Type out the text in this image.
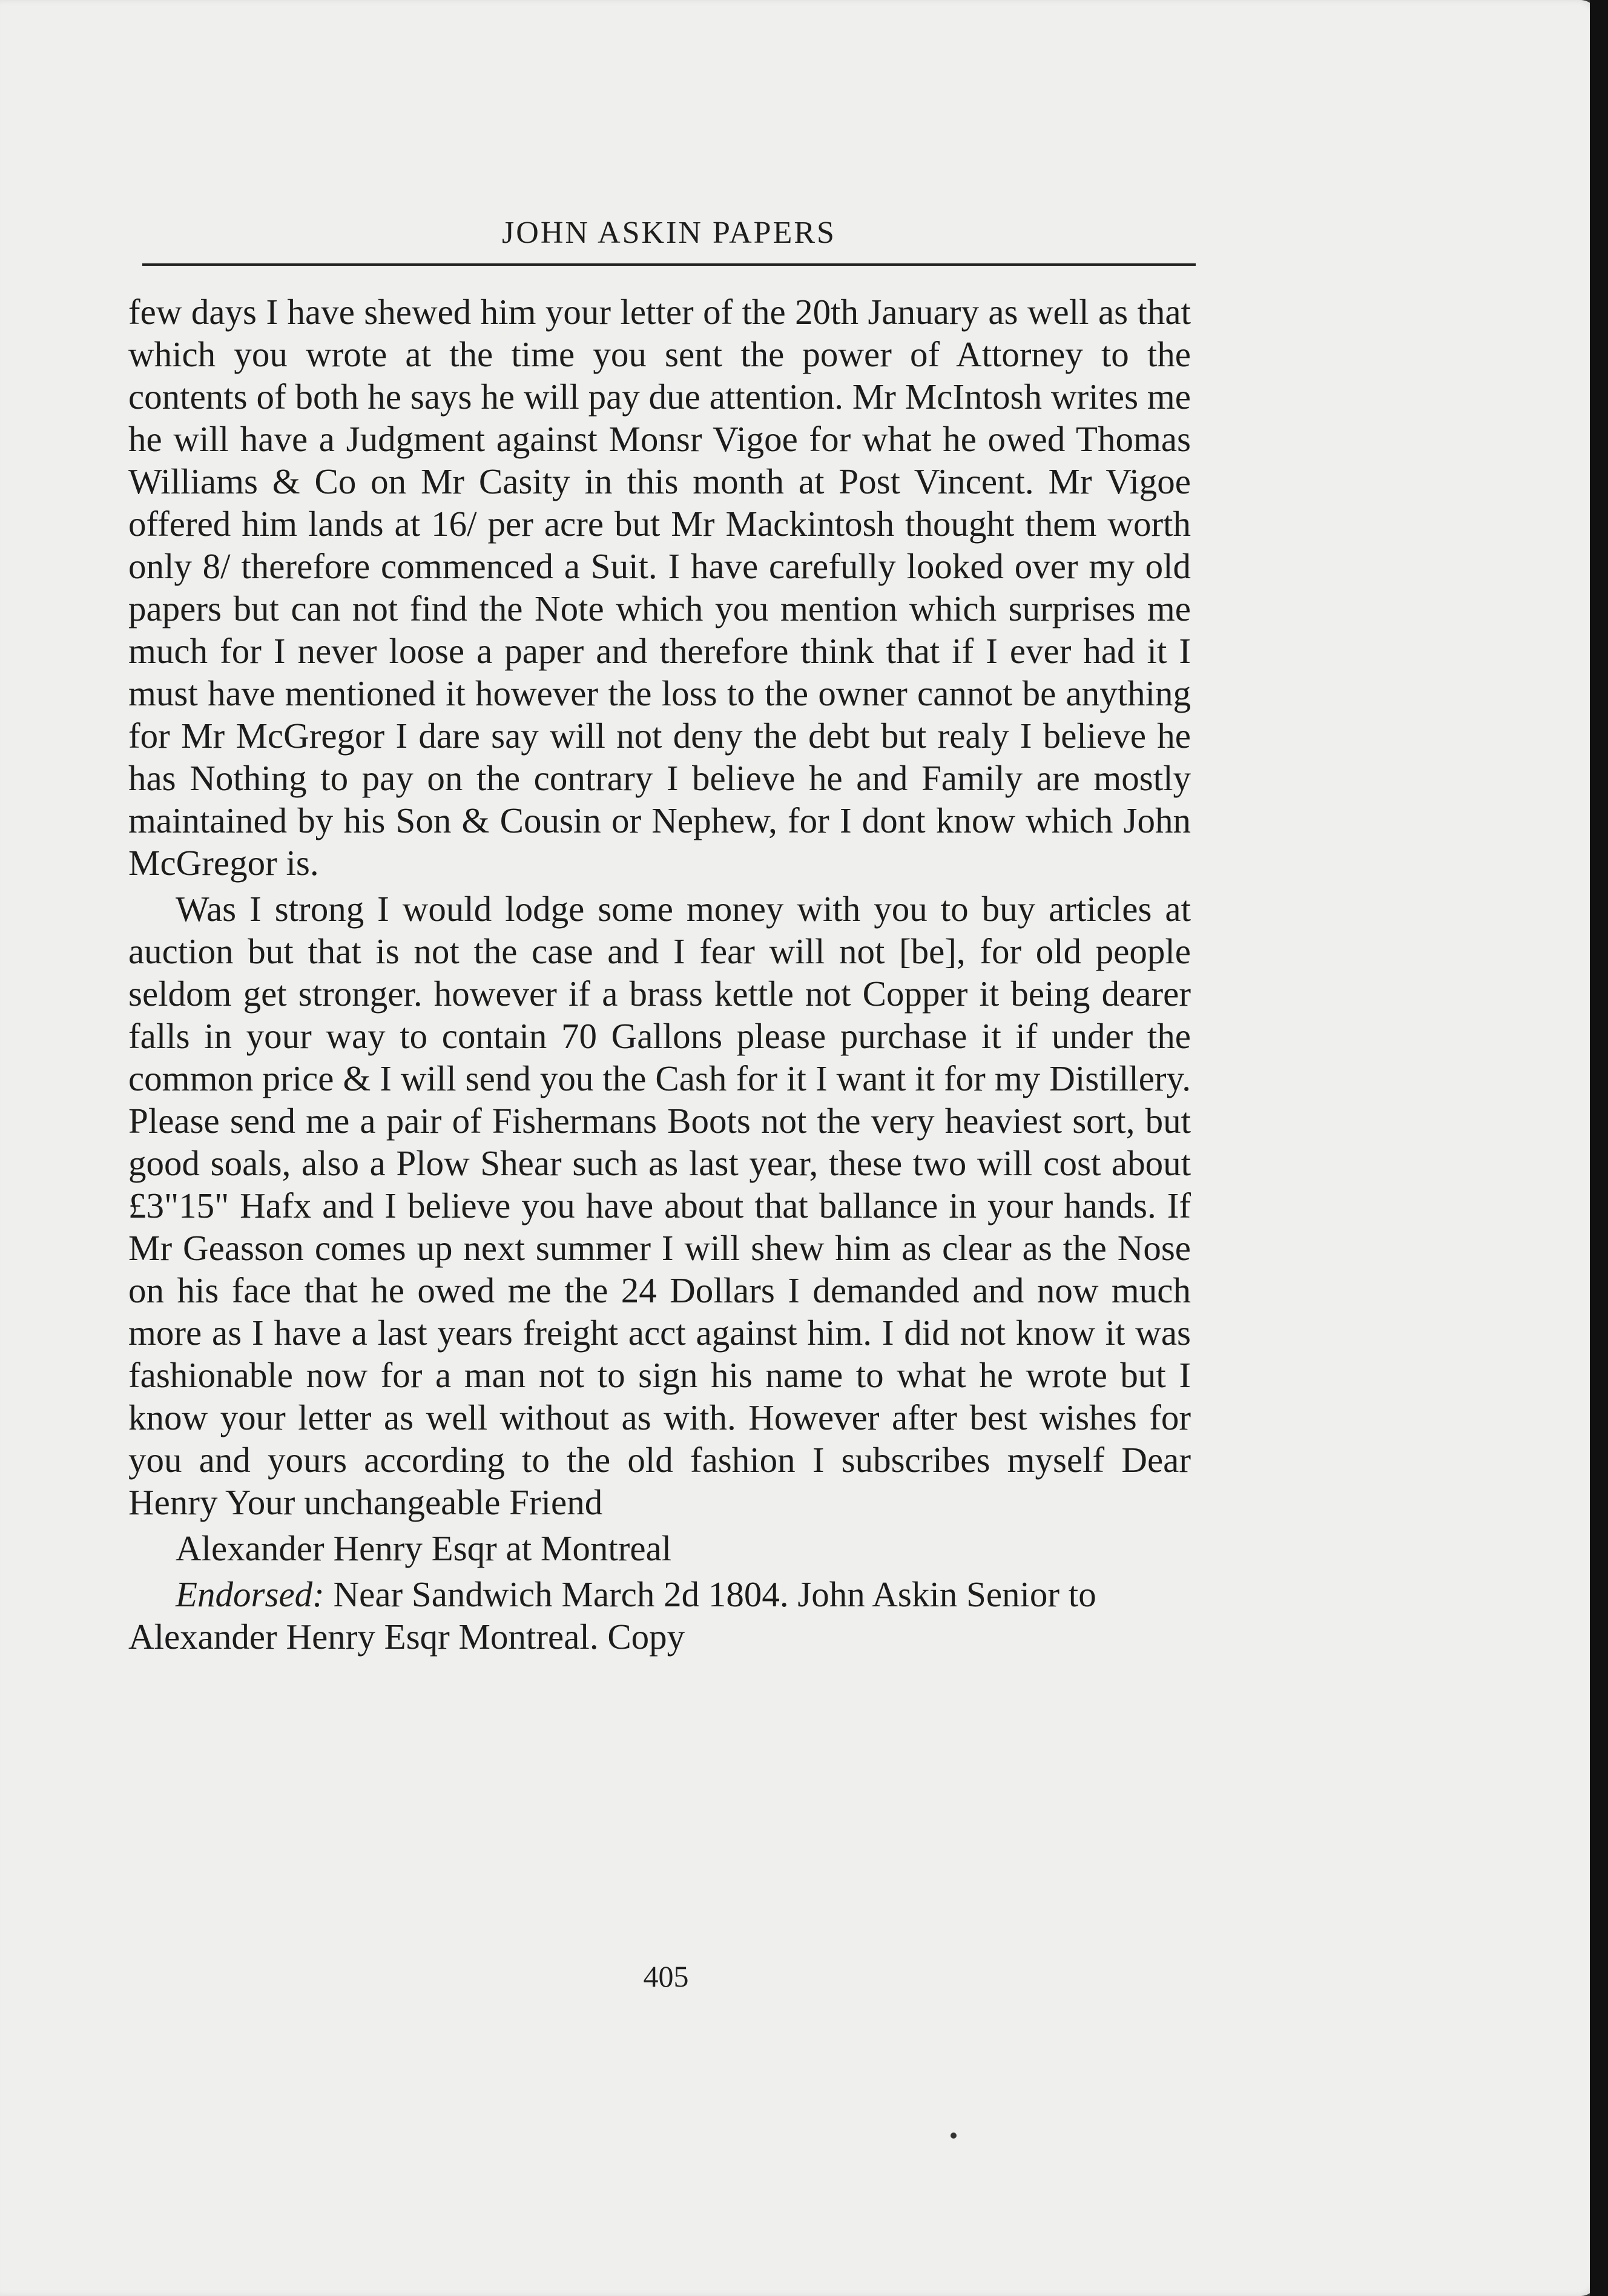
JOHN ASKIN PAPERS

few days I have shewed him your letter of the 20th January as well as that which you wrote at the time you sent the power of Attorney to the contents of both he says he will pay due attention. Mr McIntosh writes me he will have a Judgment against Monsr Vigoe for what he owed Thomas Williams & Co on Mr Casity in this month at Post Vincent. Mr Vigoe offered him lands at 16/ per acre but Mr Mackintosh thought them worth only 8/ therefore commenced a Suit. I have carefully looked over my old papers but can not find the Note which you mention which surprises me much for I never loose a paper and therefore think that if I ever had it I must have mentioned it however the loss to the owner cannot be anything for Mr McGregor I dare say will not deny the debt but realy I believe he has Nothing to pay on the contrary I believe he and Family are mostly maintained by his Son & Cousin or Nephew, for I dont know which John McGregor is.

Was I strong I would lodge some money with you to buy articles at auction but that is not the case and I fear will not [be], for old people seldom get stronger. however if a brass kettle not Copper it being dearer falls in your way to contain 70 Gallons please purchase it if under the common price & I will send you the Cash for it I want it for my Distillery. Please send me a pair of Fishermans Boots not the very heaviest sort, but good soals, also a Plow Shear such as last year, these two will cost about £3"15" Hafx and I believe you have about that ballance in your hands. If Mr Geasson comes up next summer I will shew him as clear as the Nose on his face that he owed me the 24 Dollars I demanded and now much more as I have a last years freight acct against him. I did not know it was fashionable now for a man not to sign his name to what he wrote but I know your letter as well without as with. However after best wishes for you and yours according to the old fashion I subscribes myself Dear Henry Your unchangeable Friend

Alexander Henry Esqr at Montreal

Endorsed: Near Sandwich March 2d 1804. John Askin Senior to Alexander Henry Esqr Montreal. Copy

405
